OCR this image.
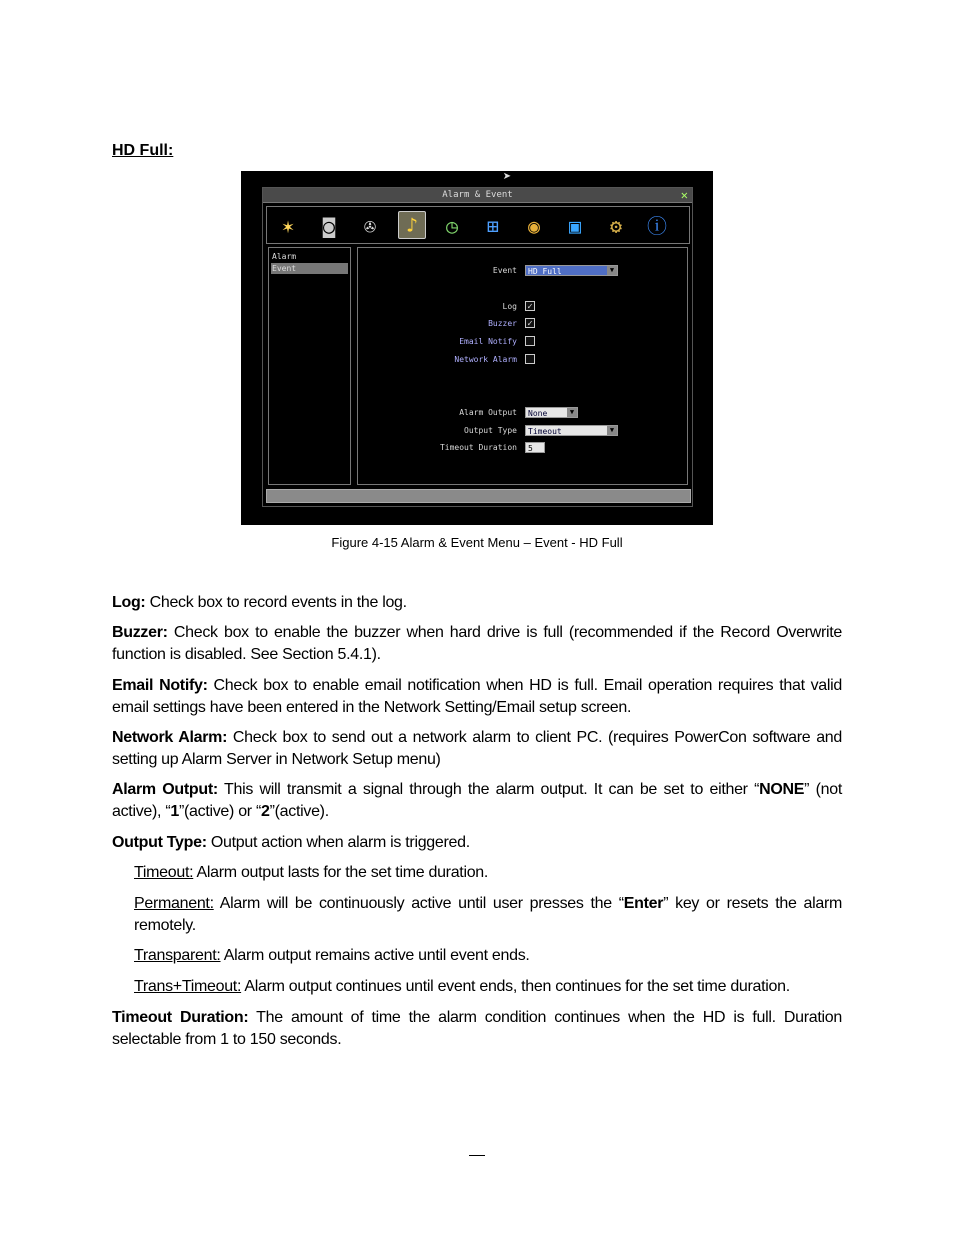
HD Full:
➤
Alarm & Event	✕
✶	◙	✇	♪	◷	⊞	◉	▣	⚙	ⓘ
Alarm
Event	Event	HD Full	▼
Log ✓
Buzzer ✓
Email Notify
Network Alarm
Alarm Output	None	▼
Output Type	Timeout	▼
Timeout Duration	5
Figure 4-15 Alarm & Event Menu – Event - HD Full
Log: Check box to record events in the log.
Buzzer: Check box to enable the buzzer when hard drive is full (recommended if the Record Overwrite function is disabled. See Section 5.4.1).
Email Notify: Check box to enable email notification when HD is full. Email operation requires that valid email settings have been entered in the Network Setting/Email setup screen.
Network Alarm: Check box to send out a network alarm to client PC. (requires PowerCon software and setting up Alarm Server in Network Setup menu)
Alarm Output: This will transmit a signal through the alarm output. It can be set to either “NONE” (not active), “1”(active) or “2”(active).
Output Type: Output action when alarm is triggered.
Timeout: Alarm output lasts for the set time duration.
Permanent: Alarm will be continuously active until user presses the “Enter” key or resets the alarm remotely.
Transparent: Alarm output remains active until event ends.
Trans+Timeout: Alarm output continues until event ends, then continues for the set time duration.
Timeout Duration: The amount of time the alarm condition continues when the HD is full. Duration selectable from 1 to 150 seconds.
